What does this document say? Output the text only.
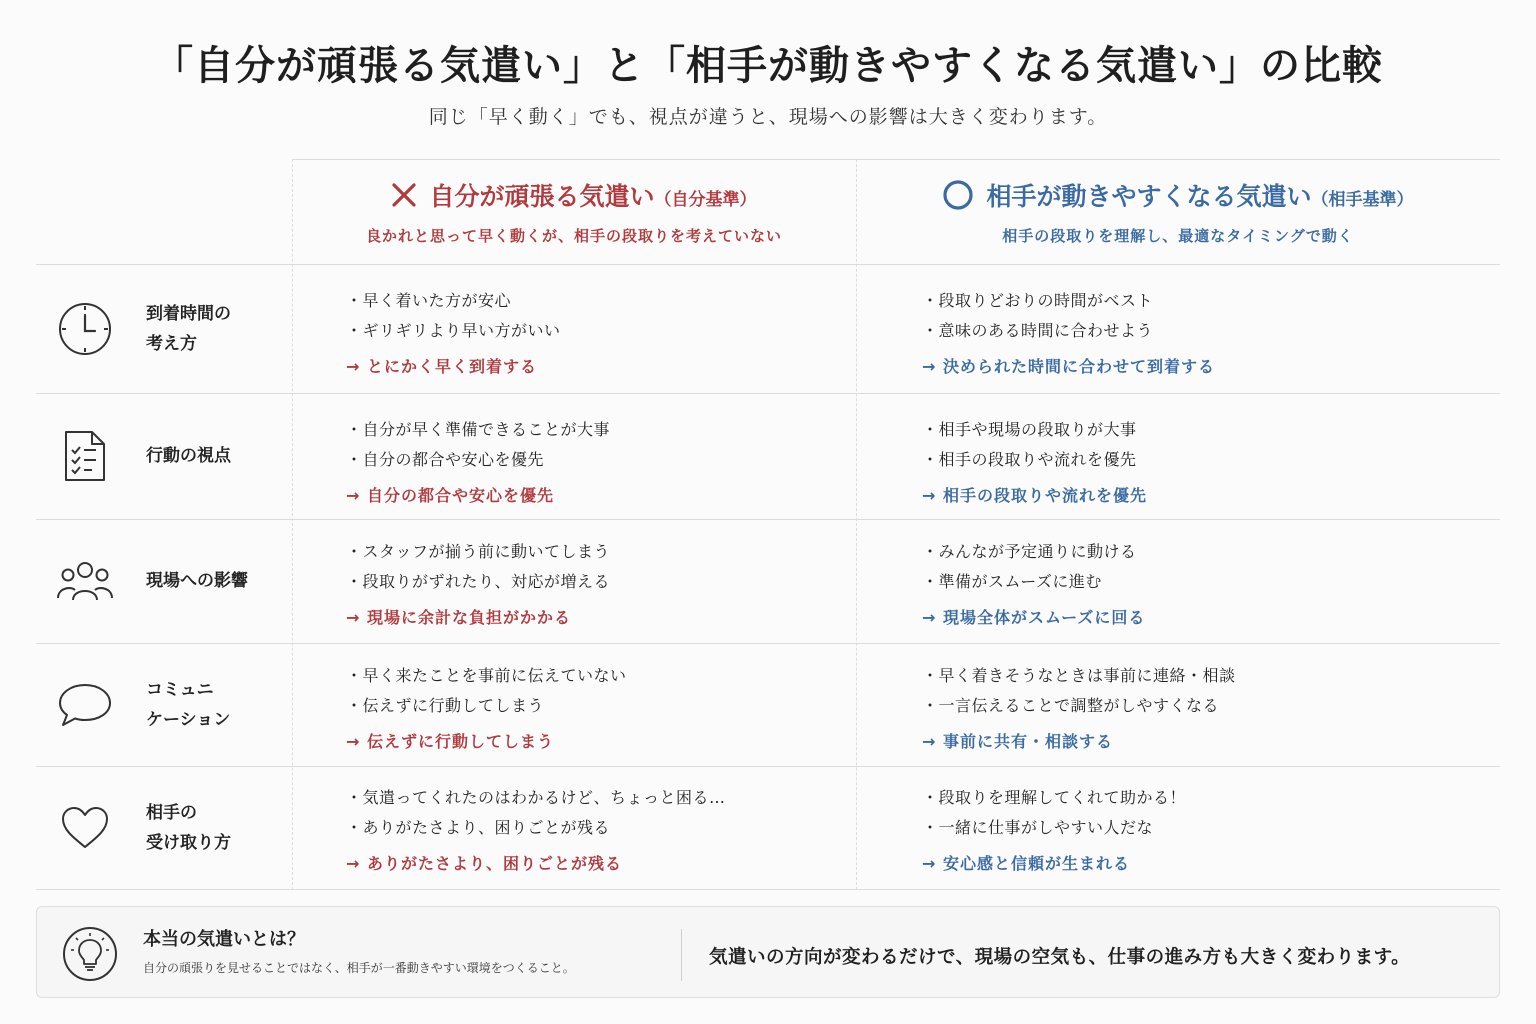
「自分が頑張る気遣い」と「相手が動きやすくなる気遣い」の比較
同じ「早く動く」でも、視点が違うと、現場への影響は大きく変わります。
自分が頑張る気遣い（自分基準）
良かれと思って早く動くが、相手の段取りを考えていない
相手が動きやすくなる気遣い（相手基準）
相手の段取りを理解し、最適なタイミングで動く
到着時間の
考え方
・早く着いた方が安心
・ギリギリより早い方がいい
→ とにかく早く到着する
・段取りどおりの時間がベスト
・意味のある時間に合わせよう
→ 決められた時間に合わせて到着する
行動の視点
・自分が早く準備できることが大事
・自分の都合や安心を優先
→ 自分の都合や安心を優先
・相手や現場の段取りが大事
・相手の段取りや流れを優先
→ 相手の段取りや流れを優先
現場への影響
・スタッフが揃う前に動いてしまう
・段取りがずれたり、対応が増える
→ 現場に余計な負担がかかる
・みんなが予定通りに動ける
・準備がスムーズに進む
→ 現場全体がスムーズに回る
コミュニ
ケーション
・早く来たことを事前に伝えていない
・伝えずに行動してしまう
→ 伝えずに行動してしまう
・早く着きそうなときは事前に連絡・相談
・一言伝えることで調整がしやすくなる
→ 事前に共有・相談する
相手の
受け取り方
・気遣ってくれたのはわかるけど、ちょっと困る…
・ありがたさより、困りごとが残る
→ ありがたさより、困りごとが残る
・段取りを理解してくれて助かる！
・一緒に仕事がしやすい人だな
→ 安心感と信頼が生まれる
本当の気遣いとは？
自分の頑張りを見せることではなく、相手が一番動きやすい環境をつくること。	気遣いの方向が変わるだけで、現場の空気も、仕事の進み方も大きく変わります。
